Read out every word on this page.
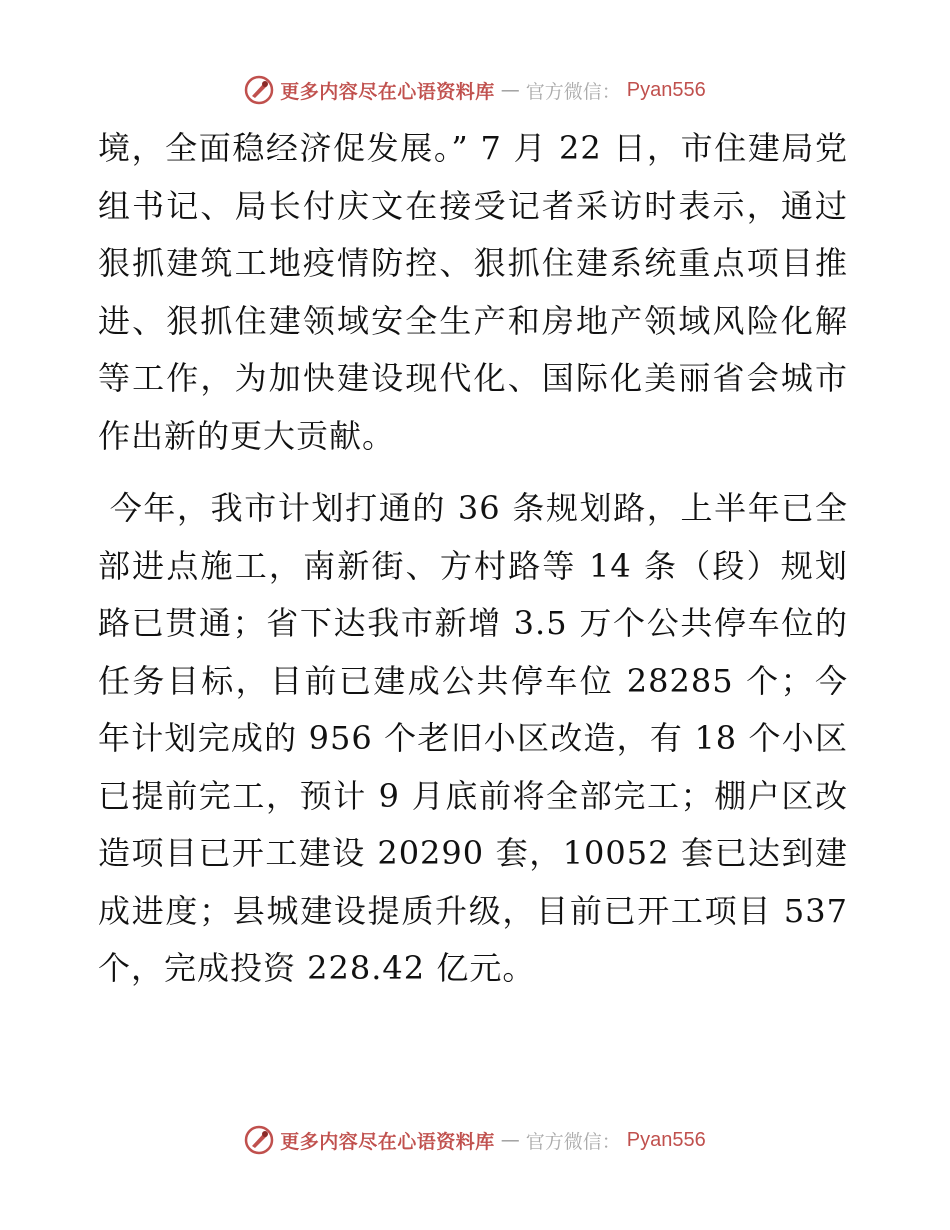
更多内容尽在心语资料库 — 官方微信： Pyan556

境，全面稳经济促发展。” 7 月 22 日，市住建局党组书记、局长付庆文在接受记者采访时表示，通过狠抓建筑工地疫情防控、狠抓住建系统重点项目推进、狠抓住建领域安全生产和房地产领域风险化解等工作，为加快建设现代化、国际化美丽省会城市作出新的更大贡献。

今年，我市计划打通的 36 条规划路，上半年已全部进点施工，南新街、方村路等 14 条（段）规划路已贯通；省下达我市新增 3.5 万个公共停车位的任务目标，目前已建成公共停车位 28285 个；今年计划完成的 956 个老旧小区改造，有 18 个小区已提前完工，预计 9 月底前将全部完工；棚户区改造项目已开工建设 20290 套，10052 套已达到建成进度；县城建设提质升级，目前已开工项目 537 个，完成投资 228.42 亿元。

更多内容尽在心语资料库 — 官方微信： Pyan556
